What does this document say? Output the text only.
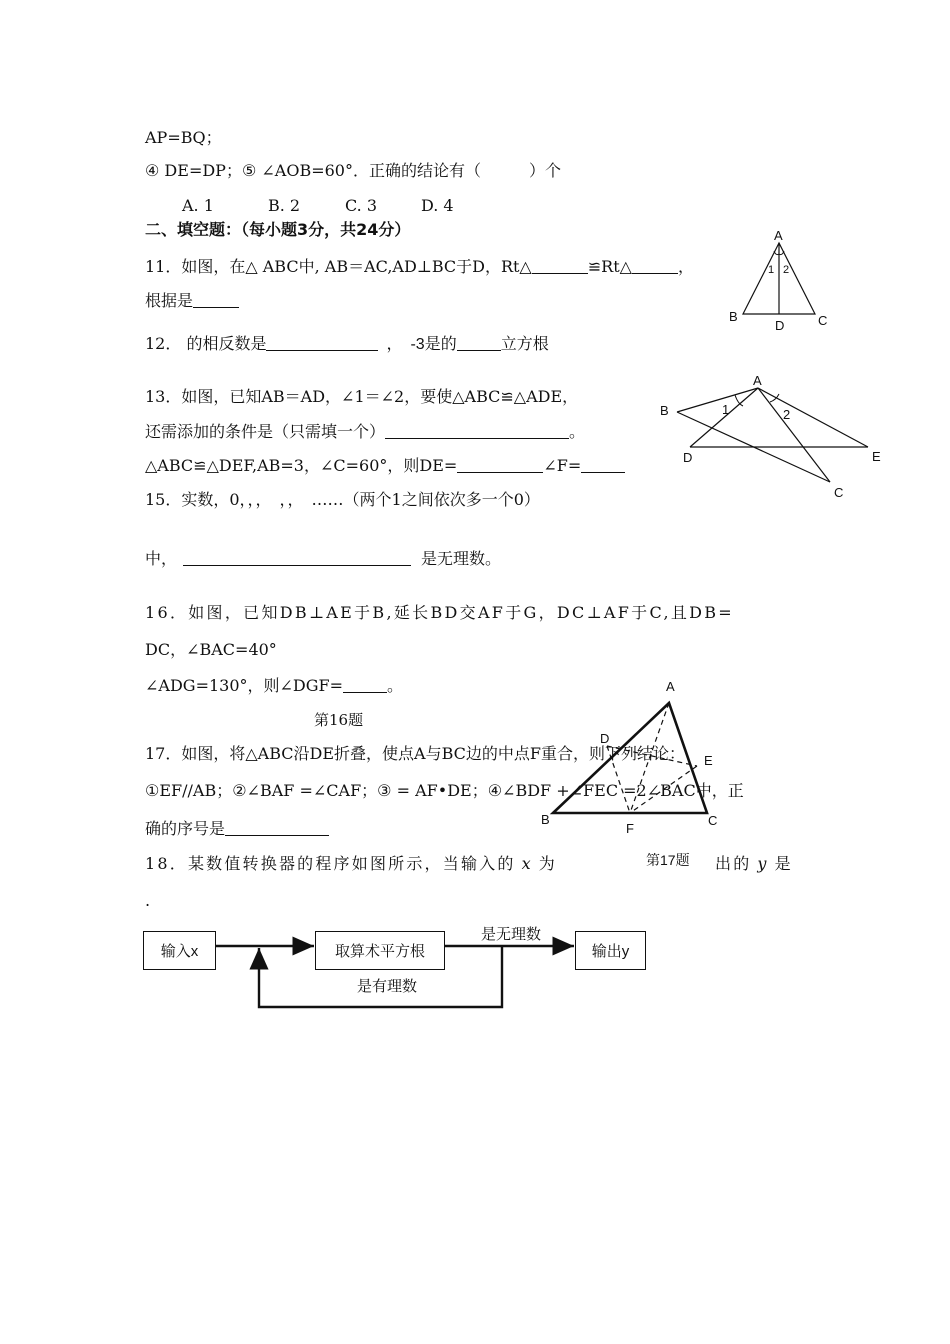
AP=BQ；
④ DE=DP；⑤ ∠AOB=60°．正确的结论有（　　　）个
A. 1	B. 2	C. 3	D. 4
二、填空题：（每小题3分，共24分）
11．如图，在△ ABC中, AB＝AC,AD⊥BC于D，Rt△	≌Rt△	，
根据是
A
B	C
D
1 2
12． 的相反数是	， -3是的	立方根
13．如图，已知AB＝AD，∠1＝∠2，要使△ABC≌△ADE，
还需添加的条件是（只需填一个）	。
A
B
C
D	E
1	2
△ABC≌△DEF,AB=3，∠C=60°，则DE=	∠F=
15．实数，0，，，　，，　……（两个1之间依次多一个0）
中，	是无理数。
16．如图，已知DB⊥AE于B,延长BD交AF于G，DC⊥AF于C,且DB=
DC，∠BAC=40°
∠ADG=130°，则∠DGF=	。
第16题
A
B	C
D
E
F
17．如图，将△ABC沿DE折叠，使点A与BC边的中点F重合，则下列结论：
①EF//AB；②∠BAF =∠CAF；③ = AF•DE；④∠BDF +∠FEC =2∠BAC中，正
确的序号是
第17题
18．某数值转换器的程序如图所示，当输入的 x 为	出的 y 是
.
输入x	取算术平方根	输出y
是无理数
是有理数
